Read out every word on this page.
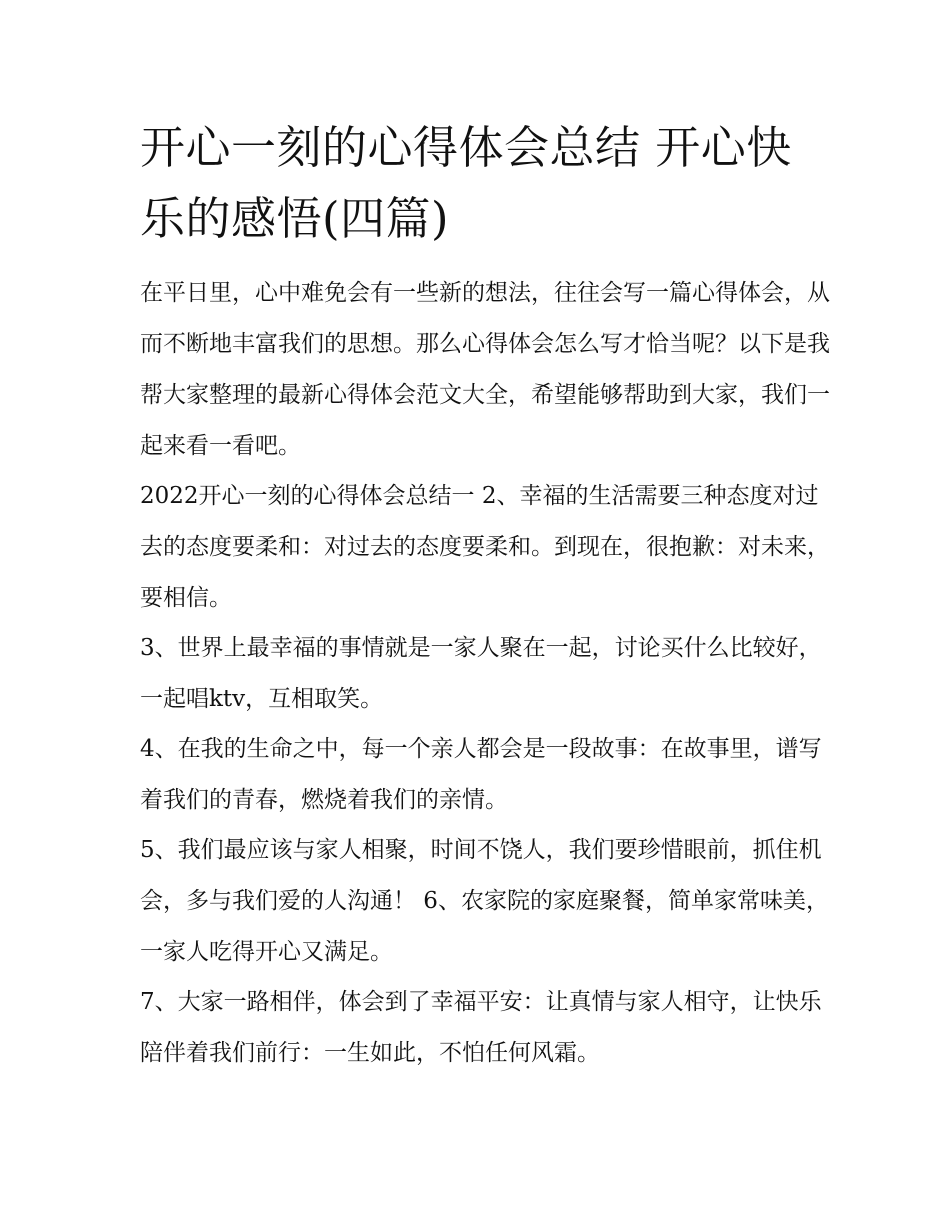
开心一刻的心得体会总结 开心快乐的感悟(四篇)

在平日里，心中难免会有一些新的想法，往往会写一篇心得体会，从而不断地丰富我们的思想。那么心得体会怎么写才恰当呢？以下是我帮大家整理的最新心得体会范文大全，希望能够帮助到大家，我们一起来看一看吧。

2022开心一刻的心得体会总结一 2、幸福的生活需要三种态度对过去的态度要柔和：对过去的态度要柔和。到现在，很抱歉：对未来，要相信。

3、世界上最幸福的事情就是一家人聚在一起，讨论买什么比较好，一起唱ktv，互相取笑。

4、在我的生命之中，每一个亲人都会是一段故事：在故事里，谱写着我们的青春，燃烧着我们的亲情。

5、我们最应该与家人相聚，时间不饶人，我们要珍惜眼前，抓住机会，多与我们爱的人沟通！ 6、农家院的家庭聚餐，简单家常味美，一家人吃得开心又满足。

7、大家一路相伴，体会到了幸福平安：让真情与家人相守，让快乐陪伴着我们前行：一生如此，不怕任何风霜。
